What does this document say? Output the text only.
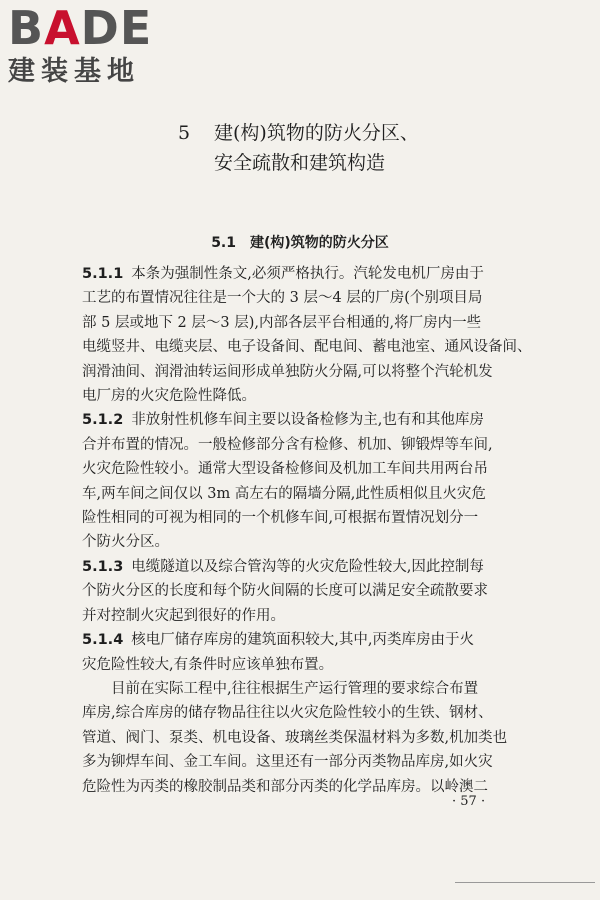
BADE
建装基地
5 建(构)筑物的防火分区、
安全疏散和建筑构造
5.1 建(构)筑物的防火分区

5.1.1 本条为强制性条文,必须严格执行。汽轮发电机厂房由于

工艺的布置情况往往是一个大的 3 层～4 层的厂房(个别项目局

部 5 层或地下 2 层～3 层),内部各层平台相通的,将厂房内一些

电缆竖井、电缆夹层、电子设备间、配电间、蓄电池室、通风设备间、

润滑油间、润滑油转运间形成单独防火分隔,可以将整个汽轮机发

电厂房的火灾危险性降低。

5.1.2 非放射性机修车间主要以设备检修为主,也有和其他库房

合并布置的情况。一般检修部分含有检修、机加、铆锻焊等车间,

火灾危险性较小。通常大型设备检修间及机加工车间共用两台吊

车,两车间之间仅以 3m 高左右的隔墙分隔,此性质相似且火灾危

险性相同的可视为相同的一个机修车间,可根据布置情况划分一

个防火分区。

5.1.3 电缆隧道以及综合管沟等的火灾危险性较大,因此控制每

个防火分区的长度和每个防火间隔的长度可以满足安全疏散要求

并对控制火灾起到很好的作用。

5.1.4 核电厂储存库房的建筑面积较大,其中,丙类库房由于火

灾危险性较大,有条件时应该单独布置。

目前在实际工程中,往往根据生产运行管理的要求综合布置

库房,综合库房的储存物品往往以火灾危险性较小的生铁、钢材、

管道、阀门、泵类、机电设备、玻璃丝类保温材料为多数,机加类也

多为铆焊车间、金工车间。这里还有一部分丙类物品库房,如火灾

危险性为丙类的橡胶制品类和部分丙类的化学品库房。以岭澳二

· 57 ·
